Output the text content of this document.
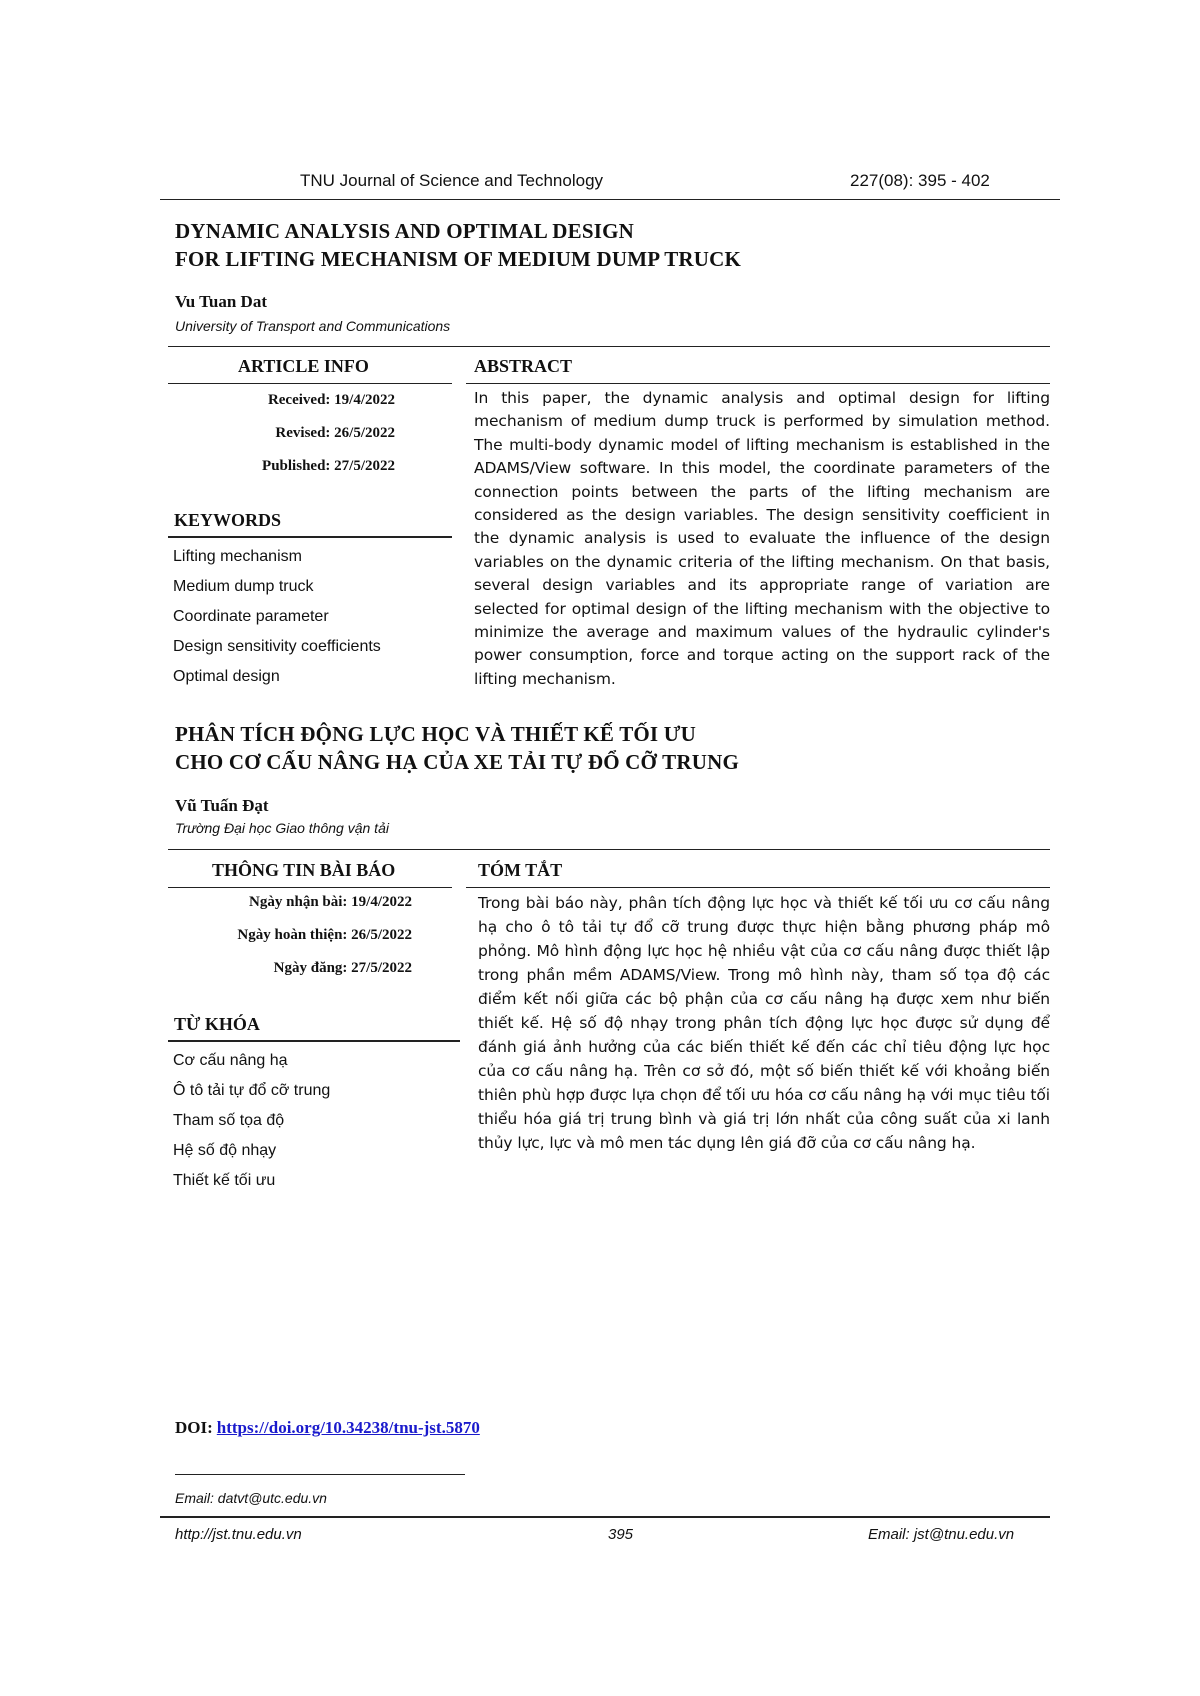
TNU Journal of Science and Technology	227(08): 395 - 402
DYNAMIC ANALYSIS AND OPTIMAL DESIGN
FOR LIFTING MECHANISM OF MEDIUM DUMP TRUCK
Vu Tuan Dat
University of Transport and Communications
ARTICLE INFO	ABSTRACT
Received: 19/4/2022
Revised: 26/5/2022
Published: 27/5/2022
KEYWORDS
Lifting mechanism
Medium dump truck
Coordinate parameter
Design sensitivity coefficients
Optimal design
In this paper, the dynamic analysis and optimal design for lifting mechanism of medium dump truck is performed by simulation method. The multi-body dynamic model of lifting mechanism is established in the ADAMS/View software. In this model, the coordinate parameters of the connection points between the parts of the lifting mechanism are considered as the design variables. The design sensitivity coefficient in the dynamic analysis is used to evaluate the influence of the design variables on the dynamic criteria of the lifting mechanism. On that basis, several design variables and its appropriate range of variation are selected for optimal design of the lifting mechanism with the objective to minimize the average and maximum values of the hydraulic cylinder's power consumption, force and torque acting on the support rack of the lifting mechanism.
PHÂN TÍCH ĐỘNG LỰC HỌC VÀ THIẾT KẾ TỐI ƯU
CHO CƠ CẤU NÂNG HẠ CỦA XE TẢI TỰ ĐỔ CỠ TRUNG
Vũ Tuấn Đạt
Trường Đại học Giao thông vận tải
THÔNG TIN BÀI BÁO	TÓM TẮT
Ngày nhận bài: 19/4/2022
Ngày hoàn thiện: 26/5/2022
Ngày đăng: 27/5/2022
TỪ KHÓA
Cơ cấu nâng hạ
Ô tô tải tự đổ cỡ trung
Tham số tọa độ
Hệ số độ nhạy
Thiết kế tối ưu
Trong bài báo này, phân tích động lực học và thiết kế tối ưu cơ cấu nâng hạ cho ô tô tải tự đổ cỡ trung được thực hiện bằng phương pháp mô phỏng. Mô hình động lực học hệ nhiều vật của cơ cấu nâng được thiết lập trong phần mềm ADAMS/View. Trong mô hình này, tham số tọa độ các điểm kết nối giữa các bộ phận của cơ cấu nâng hạ được xem như biến thiết kế. Hệ số độ nhạy trong phân tích động lực học được sử dụng để đánh giá ảnh hưởng của các biến thiết kế đến các chỉ tiêu động lực học của cơ cấu nâng hạ. Trên cơ sở đó, một số biến thiết kế với khoảng biến thiên phù hợp được lựa chọn để tối ưu hóa cơ cấu nâng hạ với mục tiêu tối thiểu hóa giá trị trung bình và giá trị lớn nhất của công suất của xi lanh thủy lực, lực và mô men tác dụng lên giá đỡ của cơ cấu nâng hạ.
DOI: https://doi.org/10.34238/tnu-jst.5870
Email: datvt@utc.edu.vn
http://jst.tnu.edu.vn	395	Email: jst@tnu.edu.vn
